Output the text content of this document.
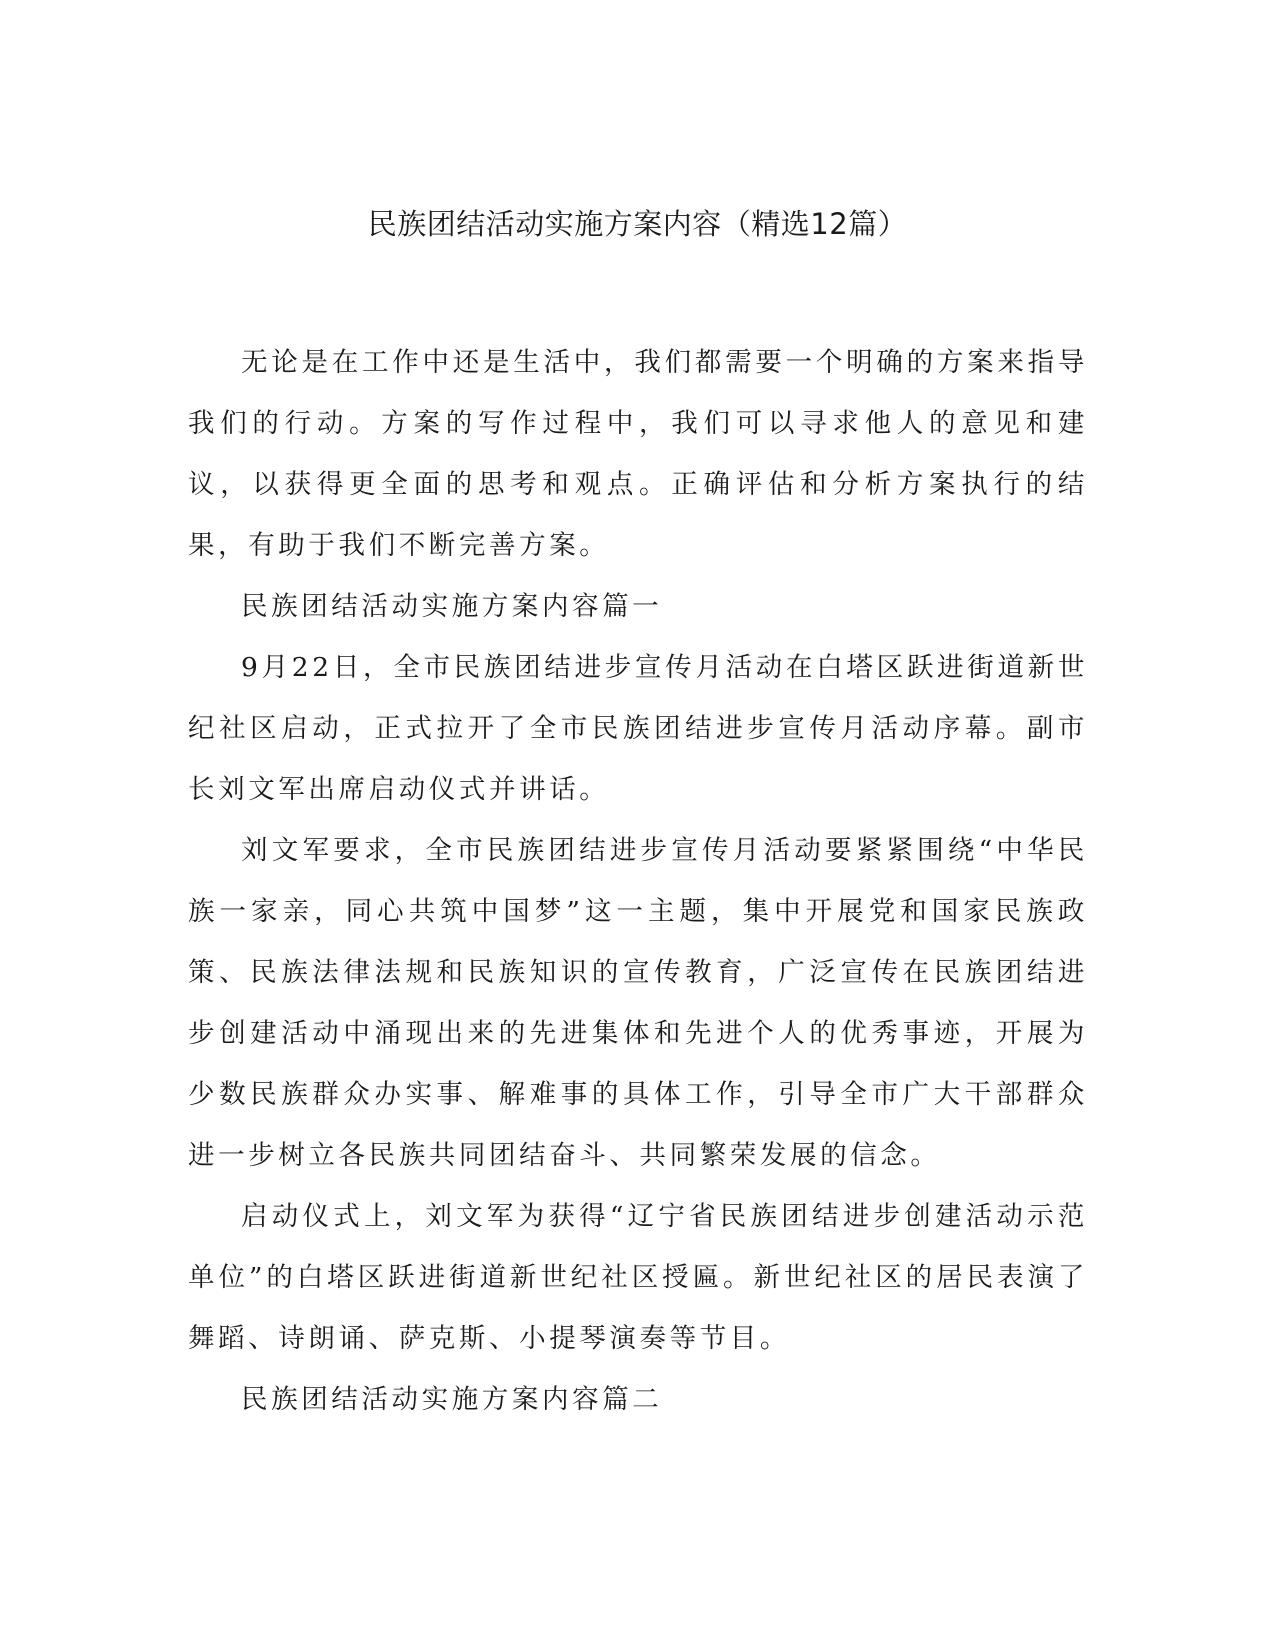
民族团结活动实施方案内容（精选12篇）

无论是在工作中还是生活中，我们都需要一个明确的方案来指导我们的行动。方案的写作过程中，我们可以寻求他人的意见和建议，以获得更全面的思考和观点。正确评估和分析方案执行的结果，有助于我们不断完善方案。

民族团结活动实施方案内容篇一

9月22日，全市民族团结进步宣传月活动在白塔区跃进街道新世纪社区启动，正式拉开了全市民族团结进步宣传月活动序幕。副市长刘文军出席启动仪式并讲话。

刘文军要求，全市民族团结进步宣传月活动要紧紧围绕“中华民族一家亲，同心共筑中国梦”这一主题，集中开展党和国家民族政策、民族法律法规和民族知识的宣传教育，广泛宣传在民族团结进步创建活动中涌现出来的先进集体和先进个人的优秀事迹，开展为少数民族群众办实事、解难事的具体工作，引导全市广大干部群众进一步树立各民族共同团结奋斗、共同繁荣发展的信念。

启动仪式上，刘文军为获得“辽宁省民族团结进步创建活动示范单位”的白塔区跃进街道新世纪社区授匾。新世纪社区的居民表演了舞蹈、诗朗诵、萨克斯、小提琴演奏等节目。

民族团结活动实施方案内容篇二
